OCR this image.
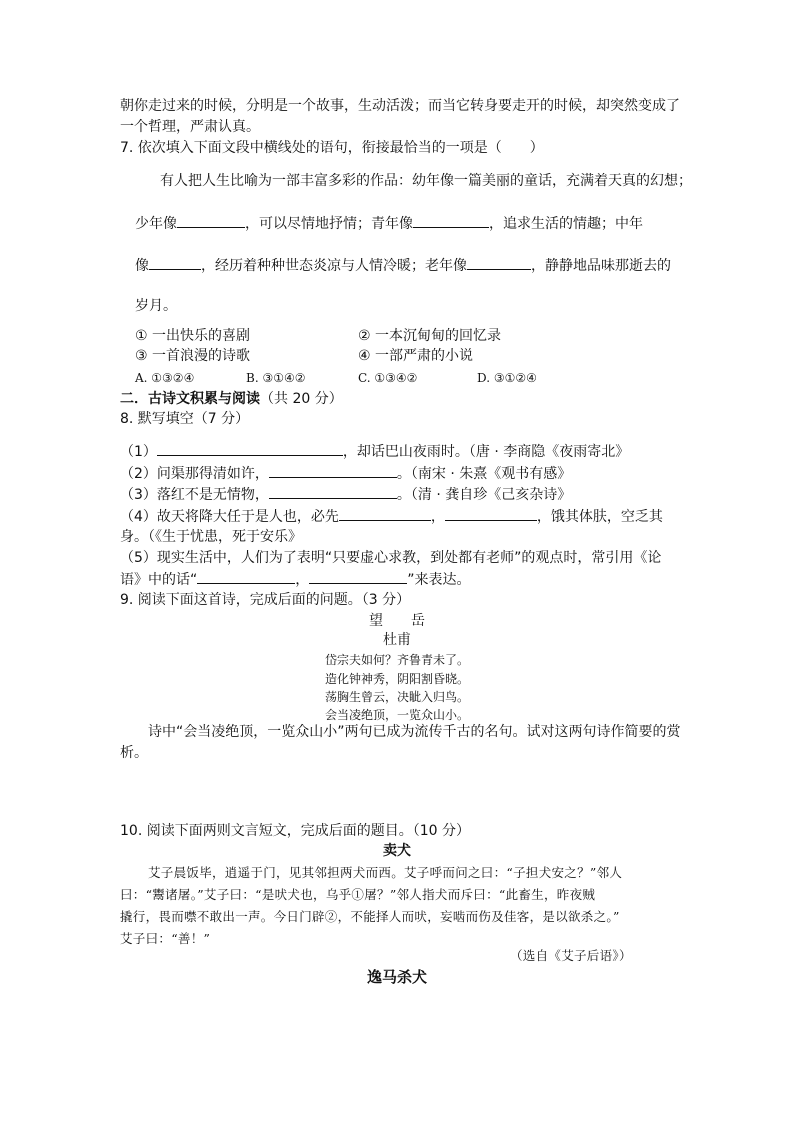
朝你走过来的时候，分明是一个故事，生动活泼；而当它转身要走开的时候，却突然变成了
一个哲理，严肃认真。
7. 依次填入下面文段中横线处的语句，衔接最恰当的一项是（　　）
有人把人生比喻为一部丰富多彩的作品：幼年像一篇美丽的童话，充满着天真的幻想；
少年像	，可以尽情地抒情；青年像	，追求生活的情趣；中年
像	，经历着种种世态炎凉与人情冷暖；老年像	，静静地品味那逝去的
岁月。
① 一出快乐的喜剧	② 一本沉甸甸的回忆录
③ 一首浪漫的诗歌	④ 一部严肃的小说
A. ①③②④	B. ③①④②	C. ①③④②	D. ③①②④
二．古诗文积累与阅读（共 20 分）
8. 默写填空（7 分）
（1）	，却话巴山夜雨时。（唐 · 李商隐《夜雨寄北》
（2）问渠那得清如许，	。（南宋 · 朱熹《观书有感》
（3）落红不是无情物，	。（清 · 龚自珍《己亥杂诗》
（4）故天将降大任于是人也，必先	，	，饿其体肤，空乏其
身。（《生于忧患，死于安乐》
（5）现实生活中，人们为了表明“只要虚心求教，到处都有老师”的观点时，常引用《论
语》中的话“	，	”来表达。
9. 阅读下面这首诗，完成后面的问题。（3 分）
望　　岳
杜甫
岱宗夫如何？齐鲁青未了。
造化钟神秀，阴阳割昏晓。
荡胸生曾云，决眦入归鸟。
会当凌绝顶，一览众山小。
诗中“会当凌绝顶，一览众山小”两句已成为流传千古的名句。试对这两句诗作简要的赏
析。
10. 阅读下面两则文言短文，完成后面的题目。（10 分）
卖犬
艾子晨饭毕，逍遥于门，见其邻担两犬而西。艾子呼而问之曰：“子担犬安之？”邻人
曰：“鬻诸屠。”艾子曰：“是吠犬也，乌乎①屠？”邻人指犬而斥曰：“此畜生，昨夜贼
撬行，畏而噤不敢出一声。今日门辟②，不能择人而吠，妄啮而伤及佳客，是以欲杀之。”
艾子曰：“善！”
（选自《艾子后语》）
逸马杀犬
